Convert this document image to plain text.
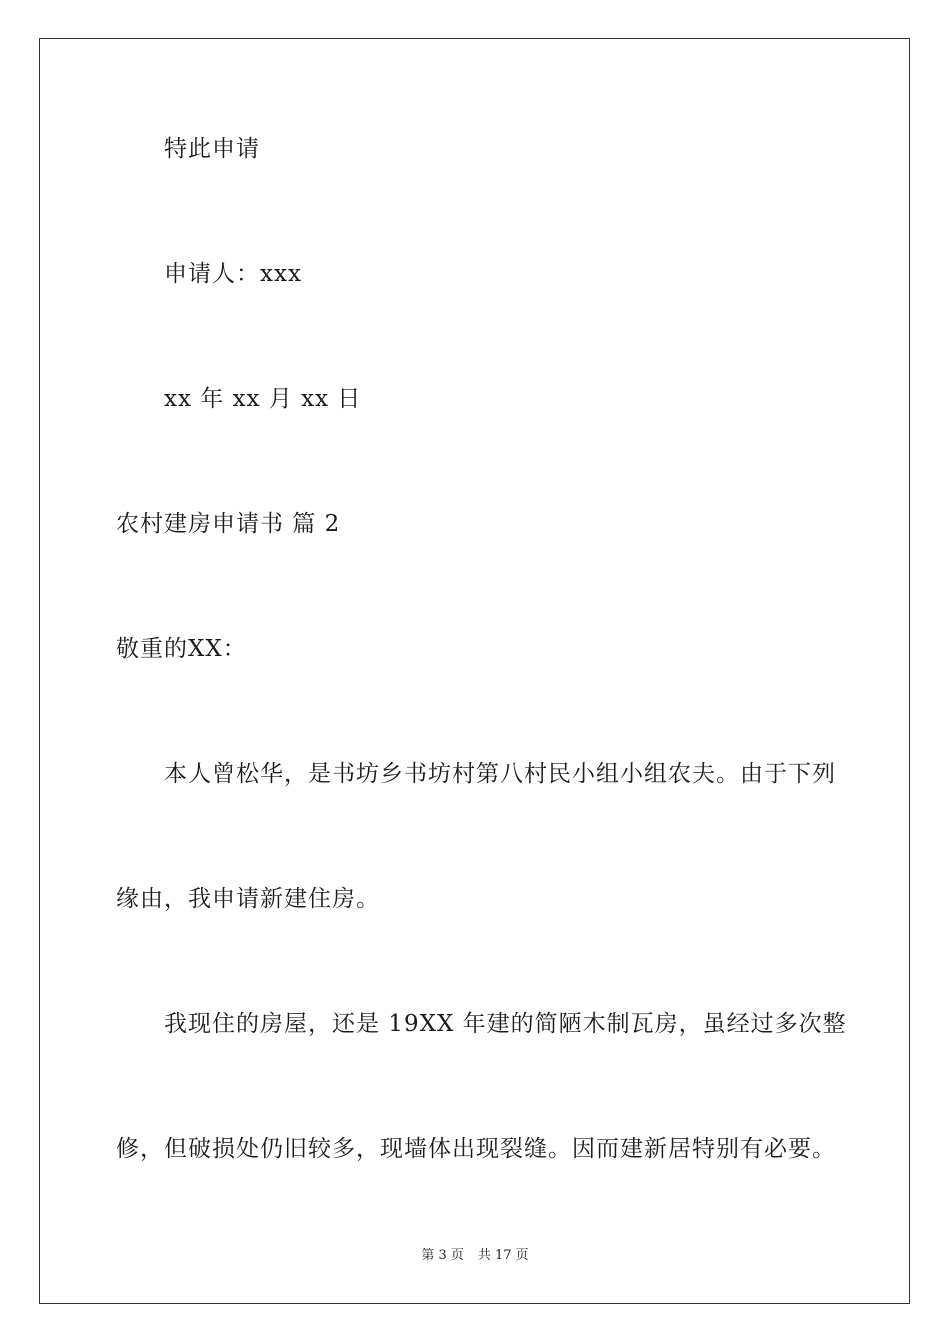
特此申请
申请人：xxx
xx 年 xx 月 xx 日
农村建房申请书 篇 2
敬重的XX：
本人曾松华，是书坊乡书坊村第八村民小组小组农夫。由于下列
缘由，我申请新建住房。
我现住的房屋，还是 19XX 年建的简陋木制瓦房，虽经过多次整
修，但破损处仍旧较多，现墙体出现裂缝。因而建新居特别有必要。
第 3 页 共 17 页
